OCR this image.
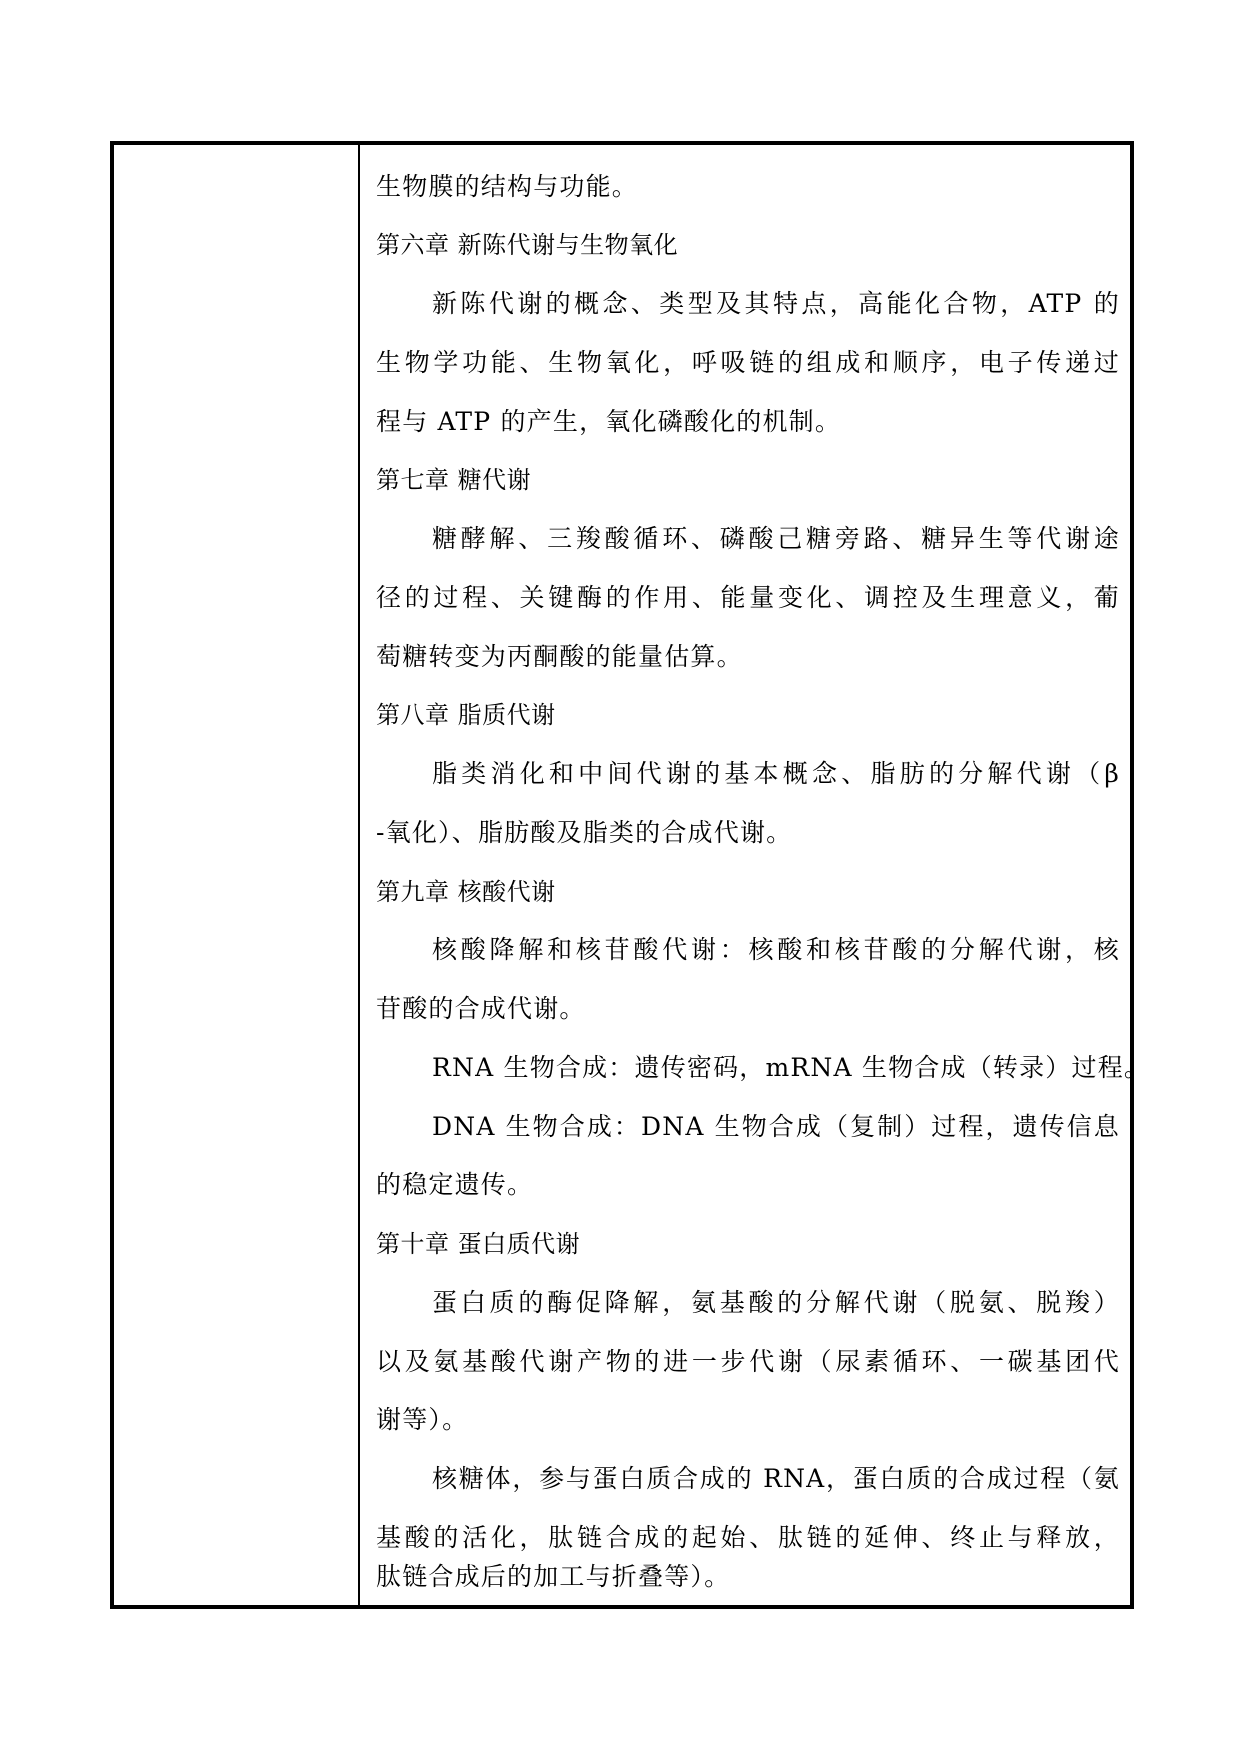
生物膜的结构与功能。
第六章 新陈代谢与生物氧化
新陈代谢的概念、类型及其特点，高能化合物，ATP 的
生物学功能、生物氧化，呼吸链的组成和顺序，电子传递过
程与 ATP 的产生，氧化磷酸化的机制。
第七章 糖代谢
糖酵解、三羧酸循环、磷酸己糖旁路、糖异生等代谢途
径的过程、关键酶的作用、能量变化、调控及生理意义，葡
萄糖转变为丙酮酸的能量估算。
第八章 脂质代谢
脂类消化和中间代谢的基本概念、脂肪的分解代谢（β
-氧化）、脂肪酸及脂类的合成代谢。
第九章 核酸代谢
核酸降解和核苷酸代谢：核酸和核苷酸的分解代谢，核
苷酸的合成代谢。
RNA 生物合成：遗传密码，mRNA 生物合成（转录）过程。
DNA 生物合成：DNA 生物合成（复制）过程，遗传信息
的稳定遗传。
第十章 蛋白质代谢
蛋白质的酶促降解，氨基酸的分解代谢（脱氨、脱羧）
以及氨基酸代谢产物的进一步代谢（尿素循环、一碳基团代
谢等）。
核糖体，参与蛋白质合成的 RNA，蛋白质的合成过程（氨
基酸的活化，肽链合成的起始、肽链的延伸、终止与释放，
肽链合成后的加工与折叠等）。
